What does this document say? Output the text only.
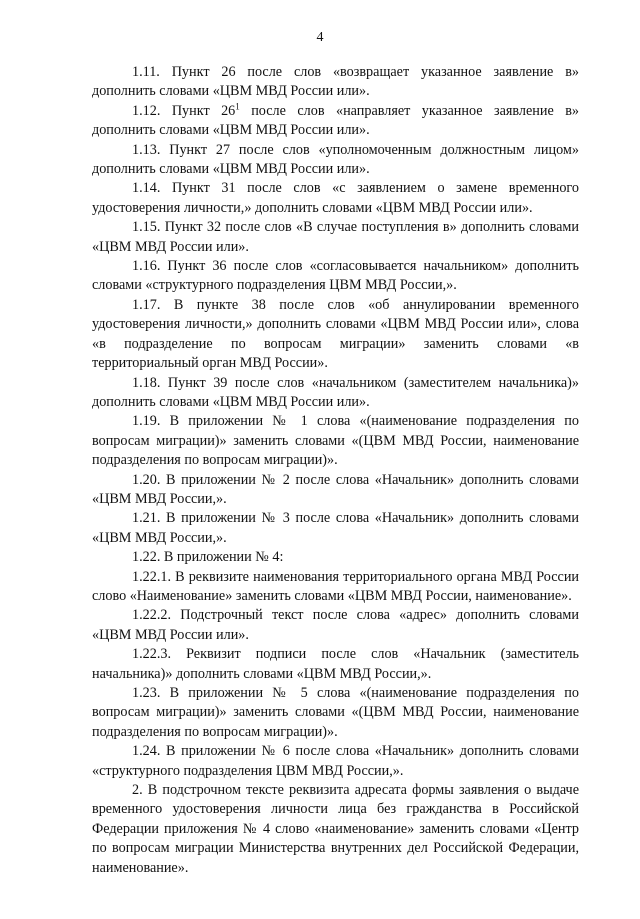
4

1.11. Пункт 26 после слов «возвращает указанное заявление в» дополнить словами «ЦВМ МВД России или».

1.12. Пункт $26^1$ после слов «направляет указанное заявление в» дополнить словами «ЦВМ МВД России или».

1.13. Пункт 27 после слов «уполномоченным должностным лицом» дополнить словами «ЦВМ МВД России или».

1.14. Пункт 31 после слов «с заявлением о замене временного удостоверения личности,» дополнить словами «ЦВМ МВД России или».

1.15. Пункт 32 после слов «В случае поступления в» дополнить словами «ЦВМ МВД России или».

1.16. Пункт 36 после слов «согласовывается начальником» дополнить словами «структурного подразделения ЦВМ МВД России,».

1.17. В пункте 38 после слов «об аннулировании временного удостоверения личности,» дополнить словами «ЦВМ МВД России или», слова «в подразделение по вопросам миграции» заменить словами «в территориальный орган МВД России».

1.18. Пункт 39 после слов «начальником (заместителем начальника)» дополнить словами «ЦВМ МВД России или».

1.19. В приложении № 1 слова «(наименование подразделения по вопросам миграции)» заменить словами «(ЦВМ МВД России, наименование подразделения по вопросам миграции)».

1.20. В приложении № 2 после слова «Начальник» дополнить словами «ЦВМ МВД России,».

1.21. В приложении № 3 после слова «Начальник» дополнить словами «ЦВМ МВД России,».

1.22. В приложении № 4:

1.22.1. В реквизите наименования территориального органа МВД России слово «Наименование» заменить словами «ЦВМ МВД России, наименование».

1.22.2. Подстрочный текст после слова «адрес» дополнить словами «ЦВМ МВД России или».

1.22.3. Реквизит подписи после слов «Начальник (заместитель начальника)» дополнить словами «ЦВМ МВД России,».

1.23. В приложении № 5 слова «(наименование подразделения по вопросам миграции)» заменить словами «(ЦВМ МВД России, наименование подразделения по вопросам миграции)».

1.24. В приложении № 6 после слова «Начальник» дополнить словами «структурного подразделения ЦВМ МВД России,».

2. В подстрочном тексте реквизита адресата формы заявления о выдаче временного удостоверения личности лица без гражданства в Российской Федерации приложения № 4 слово «наименование» заменить словами «Центр по вопросам миграции Министерства внутренних дел Российской Федерации, наименование».
